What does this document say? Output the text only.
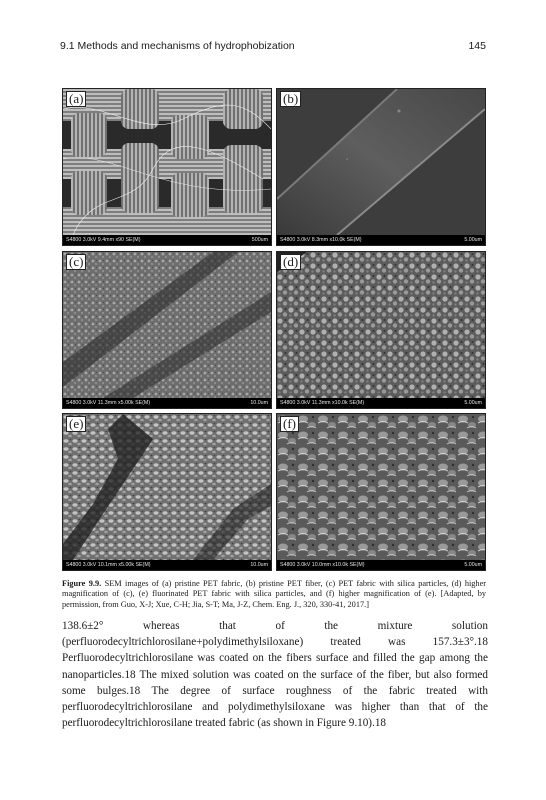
9.1 Methods and mechanisms of hydrophobization	145
(a)
S4800 3.0kV 9.4mm x90 SE(M)	500um
(b)
S4800 3.0kV 8.3mm x10.0k SE(M)	5.00um
(c)
S4800 3.0kV 11.3mm x5.00k SE(M)	10.0um
(d)
S4800 3.0kV 11.3mm x10.0k SE(M)	5.00um
(e)
S4800 3.0kV 10.1mm x5.00k SE(M)	10.0um
(f)
S4800 3.0kV 10.0mm x10.0k SE(M)	5.00um
Figure 9.9. SEM images of (a) pristine PET fabric, (b) pristine PET fiber, (c) PET fabric with silica particles, (d) higher magnification of (c), (e) fluorinated PET fabric with silica particles, and (f) higher magnification of (e). [Adapted, by permission, from Guo, X-J; Xue, C-H; Jia, S-T; Ma, J-Z, Chem. Eng. J., 320, 330-41, 2017.]

138.6±2° whereas that of the mixture solution (perfluorodecyltrichlorosilane+polydimethylsiloxane) treated was 157.3±3°.18 Perfluorodecyltrichlorosilane was coated on the fibers surface and filled the gap among the nanoparticles.18 The mixed solution was coated on the surface of the fiber, but also formed some bulges.18 The degree of surface roughness of the fabric treated with perfluorodecyltrichlorosilane and polydimethylsiloxane was higher than that of the perfluorodecyltrichlorosilane treated fabric (as shown in Figure 9.10).18
